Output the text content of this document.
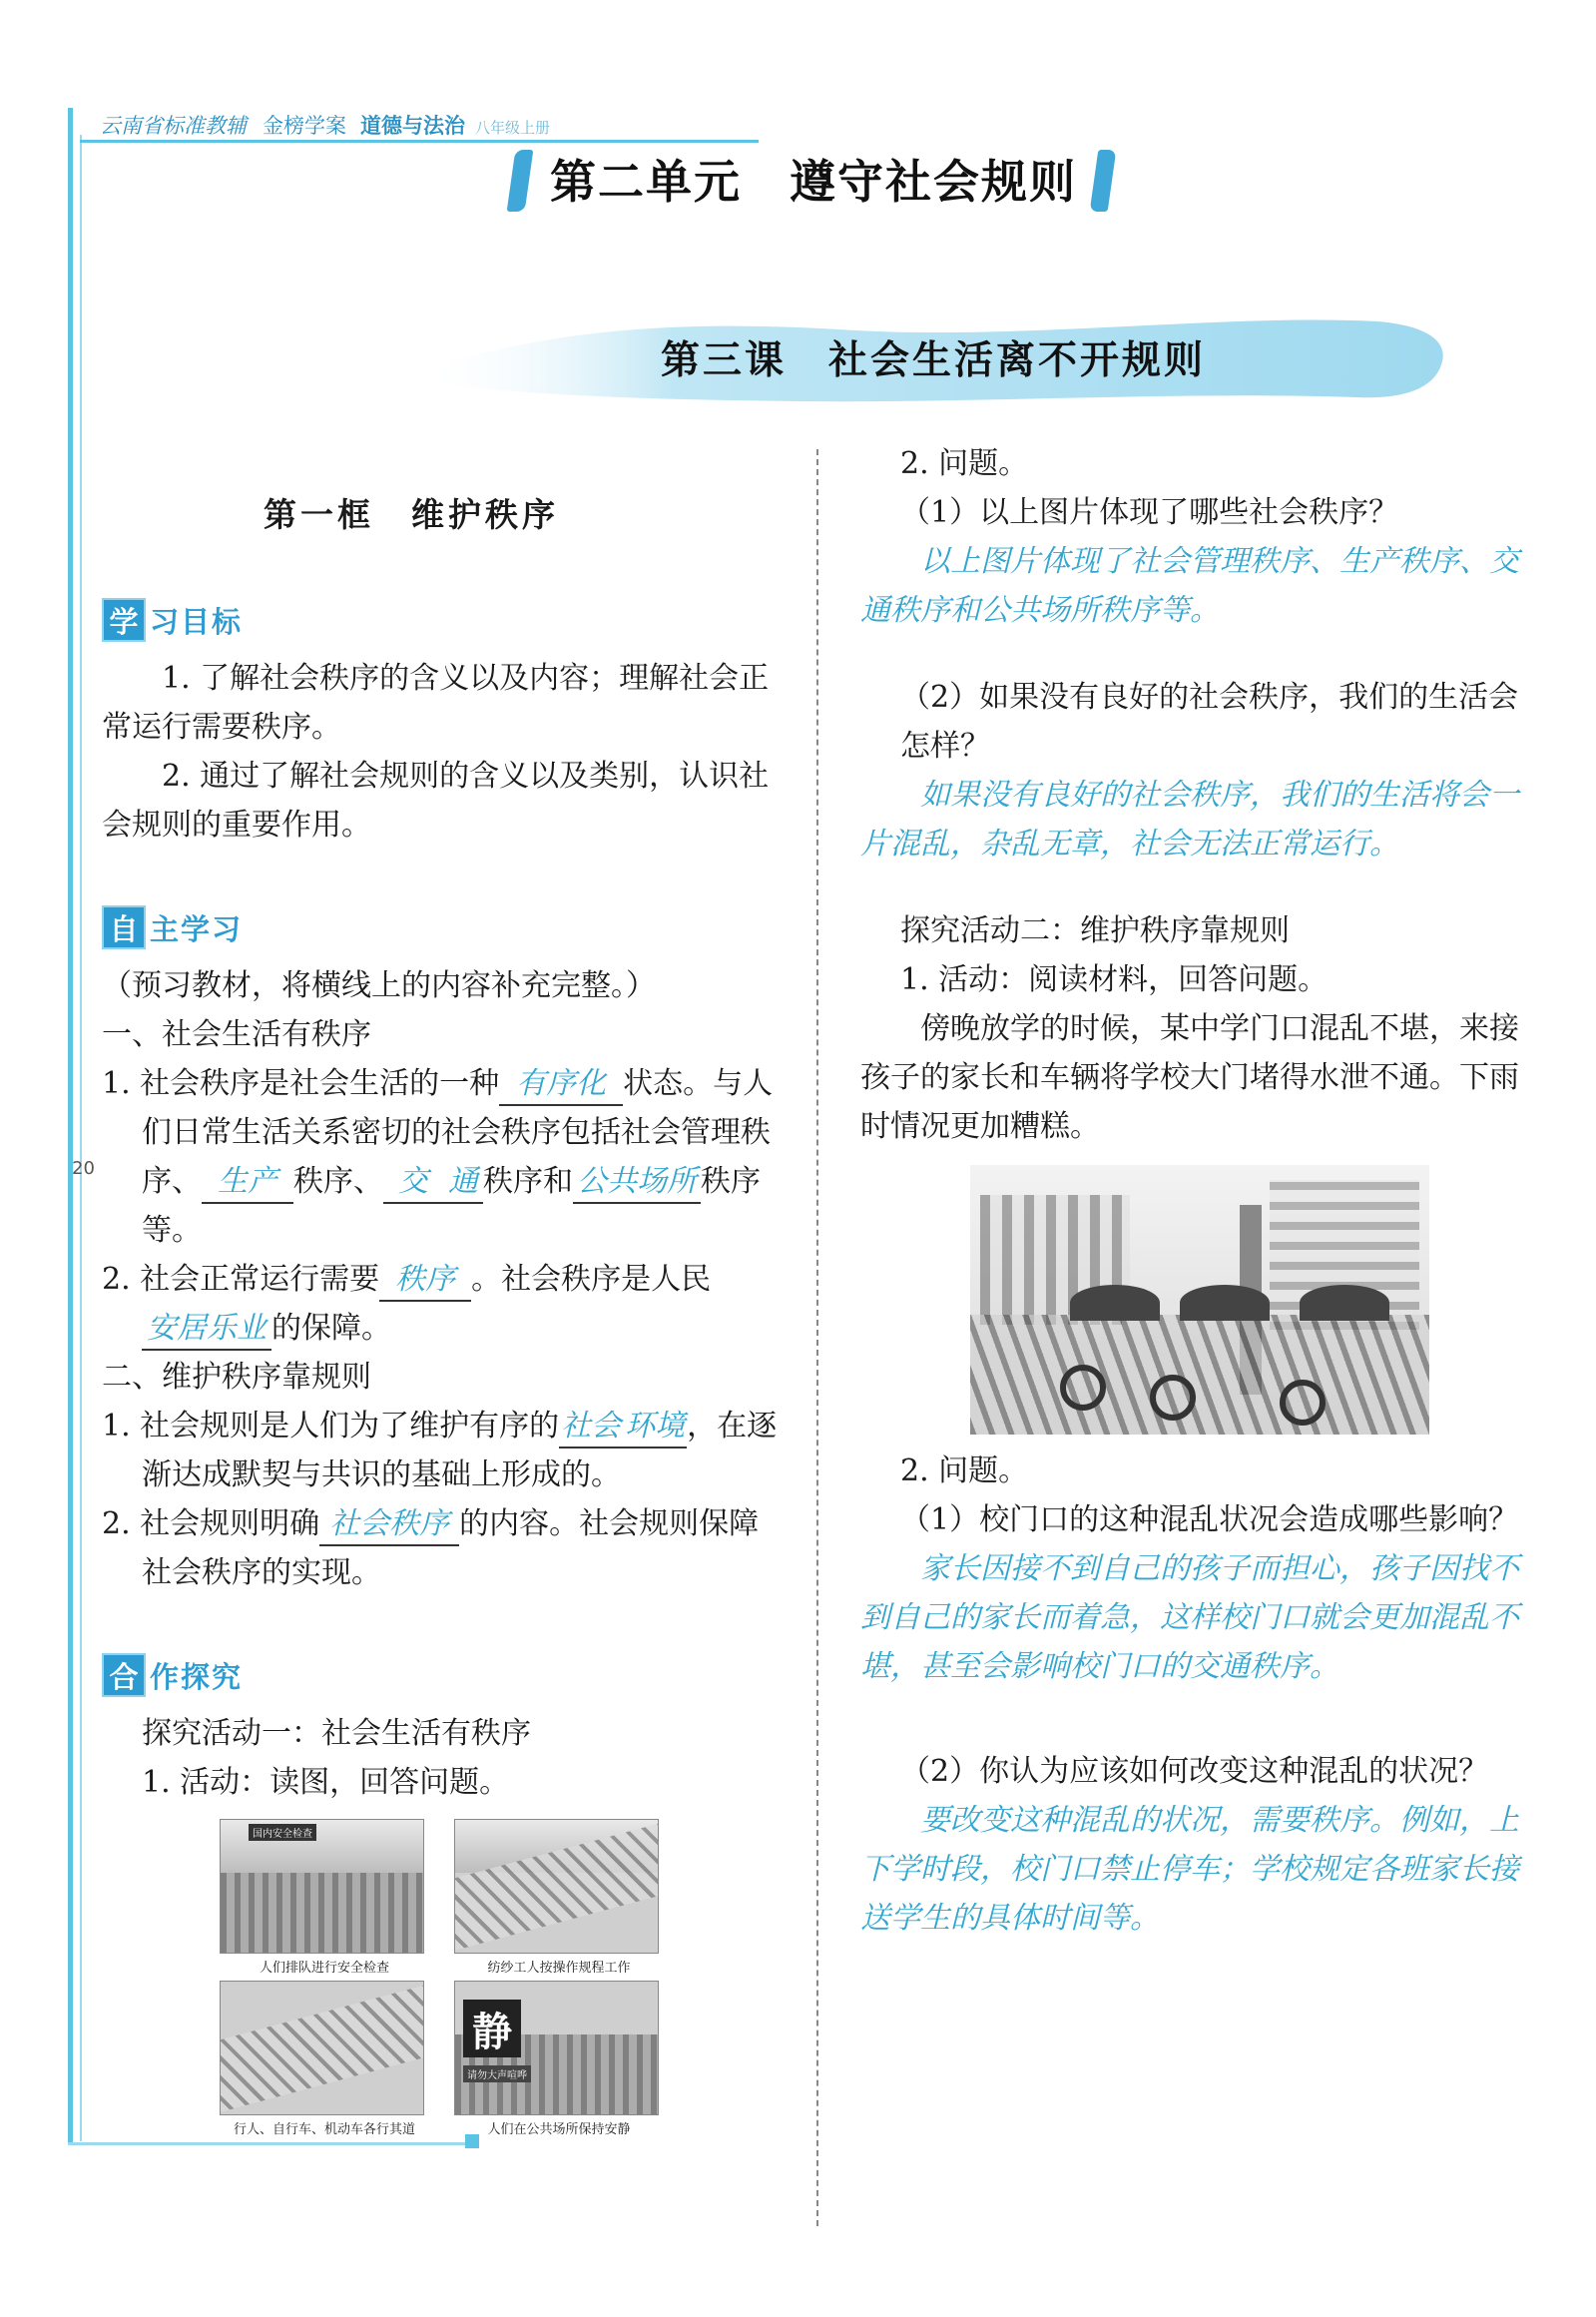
20
云南省标准教辅 金榜学案 道德与法治 八年级上册
第二单元　遵守社会规则
第三课　社会生活离不开规则
第一框　维护秩序
学 习目标
1. 了解社会秩序的含义以及内容；理解社会正常运行需要秩序。
2. 通过了解社会规则的含义以及类别，认识社会规则的重要作用。
自 主学习
（预习教材，将横线上的内容补充完整。）
一、社会生活有秩序
1. 社会秩序是社会生活的一种 有序化 状态。与人们日常生活关系密切的社会秩序包括社会管理秩序、 生产 秩序、 交 通 秩序和 公共场所 秩序等。
2. 社会正常运行需要 秩序 。社会秩序是人民安居乐业 的保障。
二、维护秩序靠规则
1. 社会规则是人们为了维护有序的社会 环境，在逐渐达成默契与共识的基础上形成的。
2. 社会规则明确 社会秩序 的内容。社会规则保障社会秩序的实现。
合 作探究
探究活动一：社会生活有秩序
1. 活动：读图，回答问题。
国内安全检查
人们排队进行安全检查	纺纱工人按操作规程工作
行人、自行车、机动车各行其道
静
请勿大声喧哗
人们在公共场所保持安静
2. 问题。
（1）以上图片体现了哪些社会秩序？
以上图片体现了社会管理秩序、生产秩序、交通秩序和公共场所秩序等。
（2）如果没有良好的社会秩序，我们的生活会怎样？
如果没有良好的社会秩序，我们的生活将会一片混乱，杂乱无章，社会无法正常运行。
探究活动二：维护秩序靠规则
1. 活动：阅读材料，回答问题。
傍晚放学的时候，某中学门口混乱不堪，来接孩子的家长和车辆将学校大门堵得水泄不通。下雨时情况更加糟糕。
2. 问题。
（1）校门口的这种混乱状况会造成哪些影响？
家长因接不到自己的孩子而担心，孩子因找不到自己的家长而着急，这样校门口就会更加混乱不堪，甚至会影响校门口的交通秩序。
（2）你认为应该如何改变这种混乱的状况？
要改变这种混乱的状况，需要秩序。例如，上下学时段，校门口禁止停车；学校规定各班家长接送学生的具体时间等。
